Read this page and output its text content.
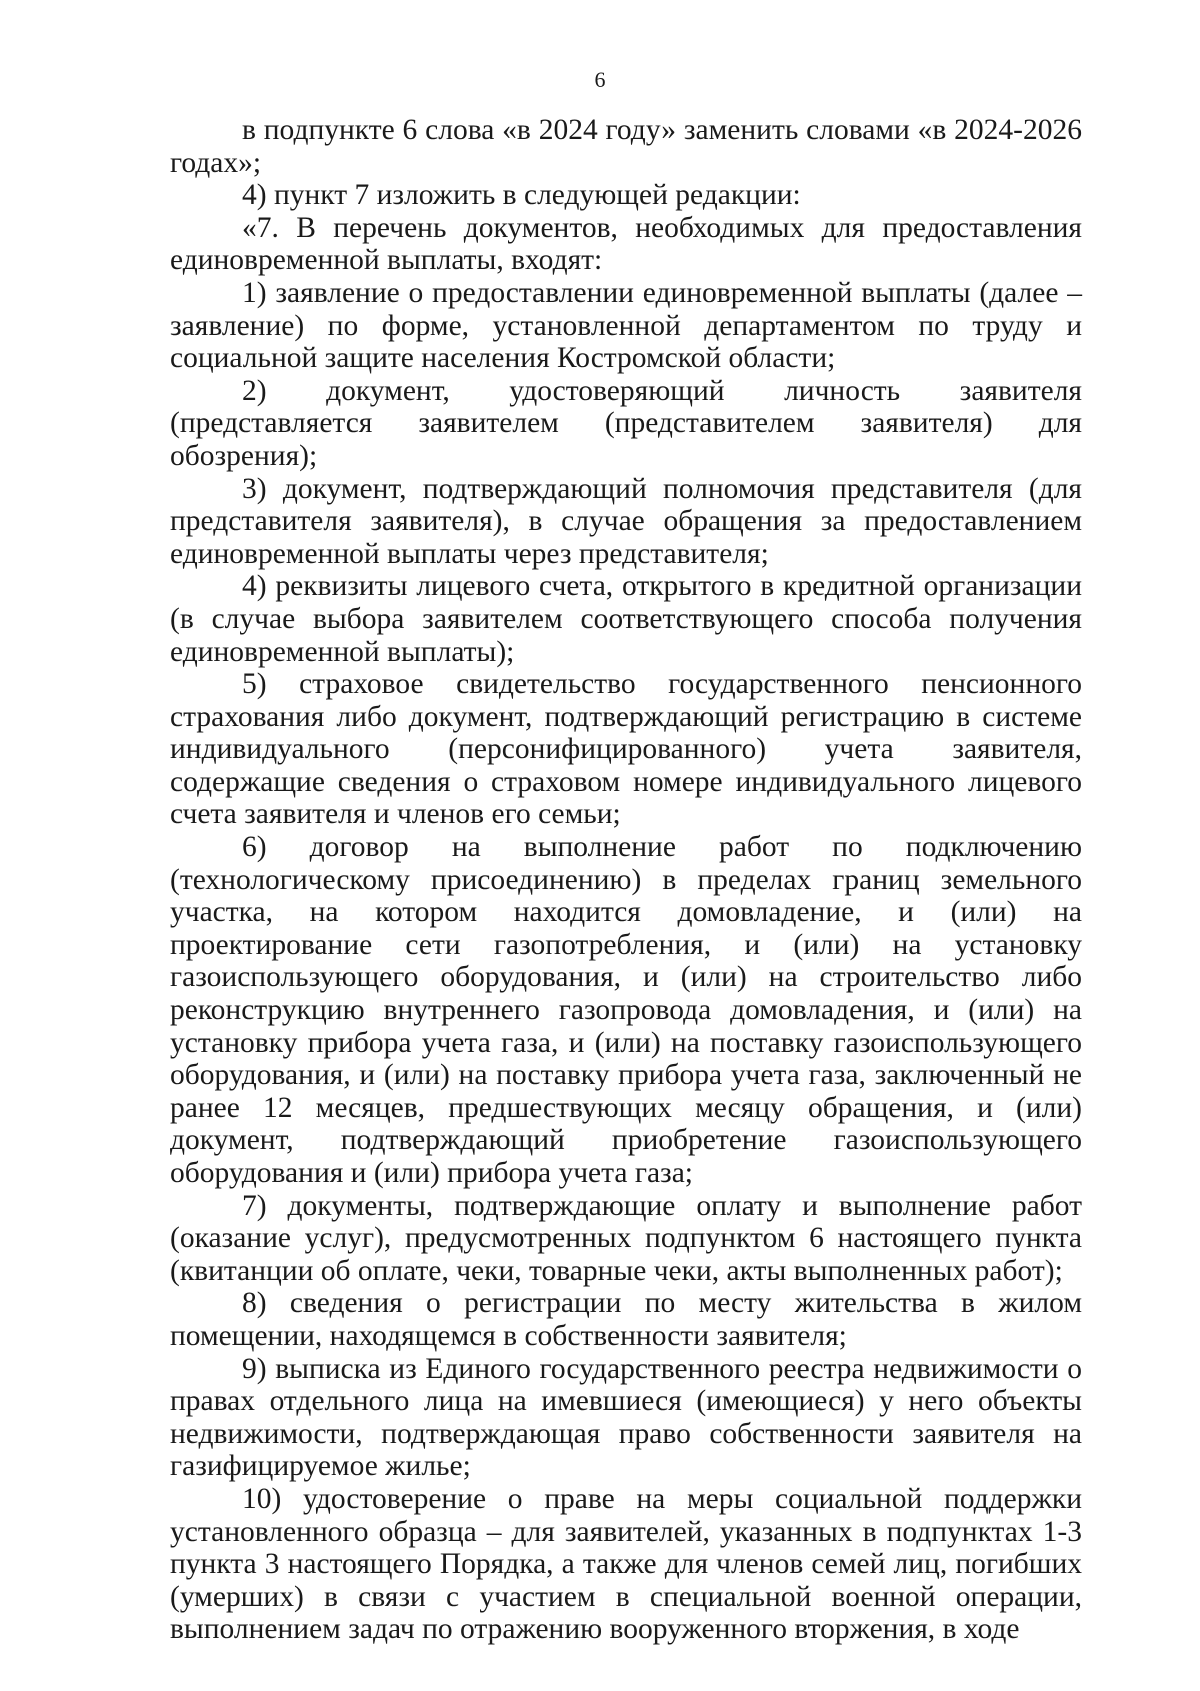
6

в подпункте 6 слова «в 2024 году» заменить словами «в 2024-2026 годах»;

4) пункт 7 изложить в следующей редакции:

«7. В перечень документов, необходимых для предоставления единовременной выплаты, входят:

1) заявление о предоставлении единовременной выплаты (далее – заявление) по форме, установленной департаментом по труду и социальной защите населения Костромской области;

2) документ, удостоверяющий личность заявителя (представляется заявителем (представителем заявителя) для обозрения);

3) документ, подтверждающий полномочия представителя (для представителя заявителя), в случае обращения за предоставлением единовременной выплаты через представителя;

4) реквизиты лицевого счета, открытого в кредитной организации (в случае выбора заявителем соответствующего способа получения единовременной выплаты);

5) страховое свидетельство государственного пенсионного страхования либо документ, подтверждающий регистрацию в системе индивидуального (персонифицированного) учета заявителя, содержащие сведения о страховом номере индивидуального лицевого счета заявителя и членов его семьи;

6) договор на выполнение работ по подключению (технологическому присоединению) в пределах границ земельного участка, на котором находится домовладение, и (или) на проектирование сети газопотребления, и (или) на установку газоиспользующего оборудования, и (или) на строительство либо реконструкцию внутреннего газопровода домовладения, и (или) на установку прибора учета газа, и (или) на поставку газоиспользующего оборудования, и (или) на поставку прибора учета газа, заключенный не ранее 12 месяцев, предшествующих месяцу обращения, и (или) документ, подтверждающий приобретение газоиспользующего оборудования и (или) прибора учета газа;

7) документы, подтверждающие оплату и выполнение работ (оказание услуг), предусмотренных подпунктом 6 настоящего пункта (квитанции об оплате, чеки, товарные чеки, акты выполненных работ);

8) сведения о регистрации по месту жительства в жилом помещении, находящемся в собственности заявителя;

9) выписка из Единого государственного реестра недвижимости о правах отдельного лица на имевшиеся (имеющиеся) у него объекты недвижимости, подтверждающая право собственности заявителя на газифицируемое жилье;

10) удостоверение о праве на меры социальной поддержки установленного образца – для заявителей, указанных в подпунктах 1-3 пункта 3 настоящего Порядка, а также для членов семей лиц, погибших (умерших) в связи с участием в специальной военной операции, выполнением задач по отражению вооруженного вторжения, в ходе
